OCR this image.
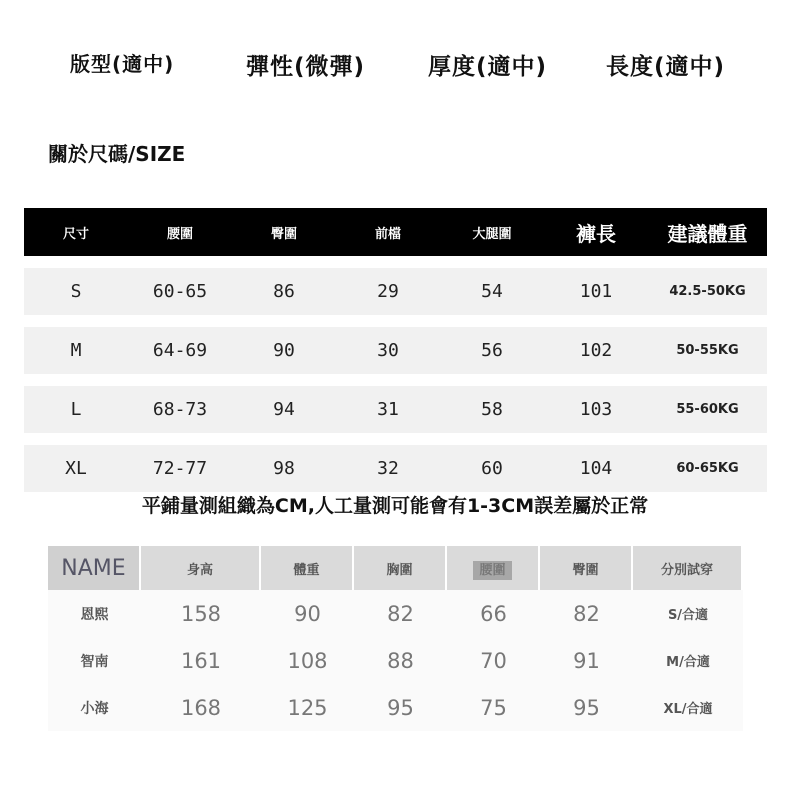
版型(適中)	彈性(微彈)	厚度(適中)	長度(適中)
關於尺碼/SIZE
尺寸	腰圍	臀圍	前檔	大腿圍	褲長	建議體重

S	60-65	86	29	54	101	42.5-50KG

M	64-69	90	30	56	102	50-55KG

L	68-73	94	31	58	103	55-60KG

XL	72-77	98	32	60	104	60-65KG
平鋪量測組織為CM,人工量測可能會有1-3CM誤差屬於正常
NAME	身高	體重	胸圍	腰圍	臀圍	分別試穿
恩熙	158	90	82	66	82	S/合適
智南	161	108	88	70	91	M/合適
小海	168	125	95	75	95	XL/合適
